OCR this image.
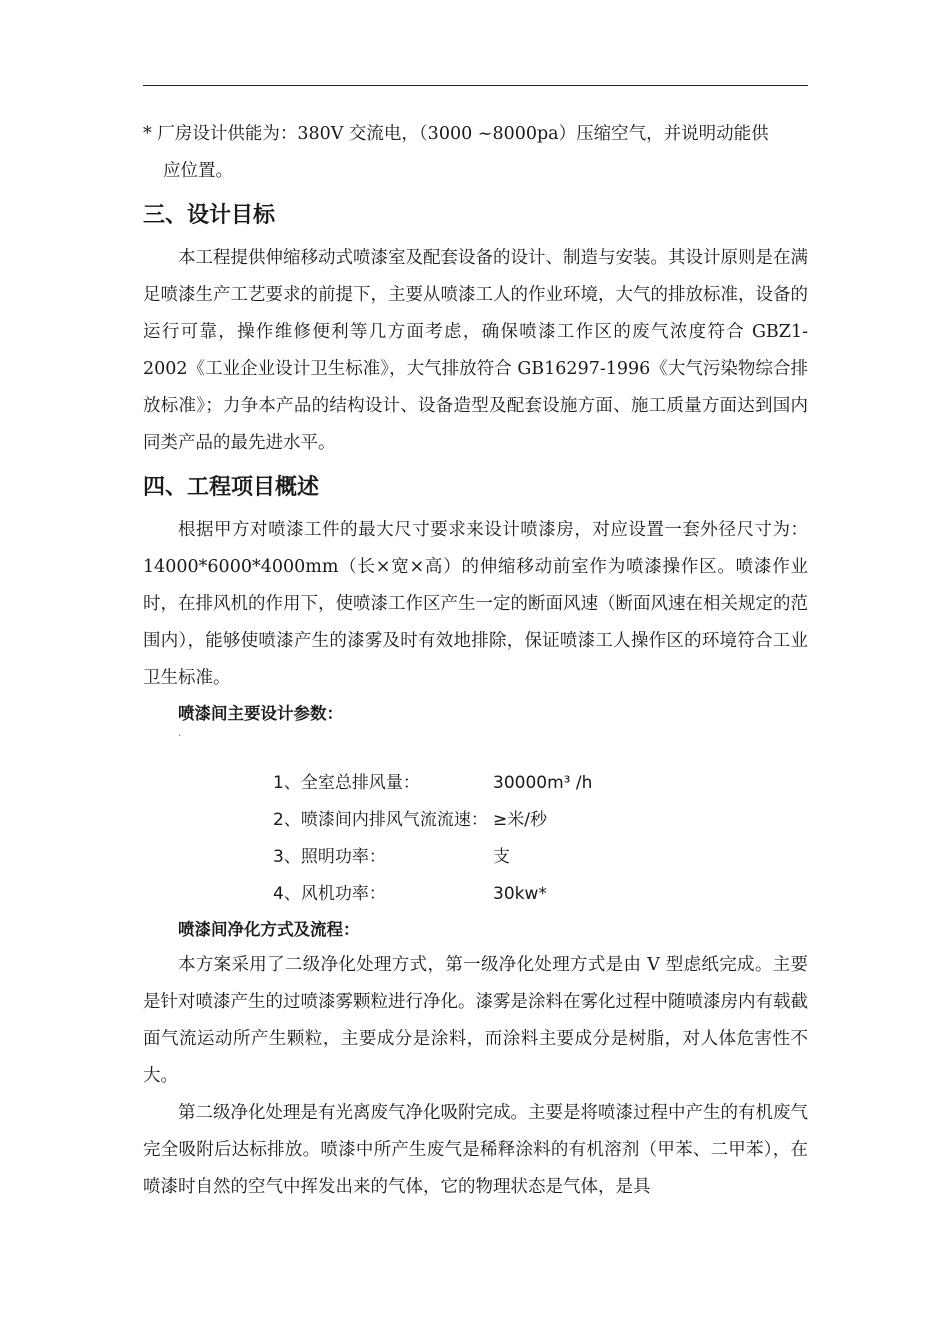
* 厂房设计供能为：380V 交流电，（3000 ~8000pa）压缩空气，并说明动能供
应位置。

三、设计目标

本工程提供伸缩移动式喷漆室及配套设备的设计、制造与安装。其设计原则是在满足喷漆生产工艺要求的前提下，主要从喷漆工人的作业环境，大气的排放标准，设备的运行可靠，操作维修便利等几方面考虑，确保喷漆工作区的废气浓度符合 GBZ1-2002《工业企业设计卫生标准》，大气排放符合 GB16297-1996《大气污染物综合排放标准》；力争本产品的结构设计、设备造型及配套设施方面、施工质量方面达到国内同类产品的最先进水平。

四、工程项目概述

根据甲方对喷漆工件的最大尺寸要求来设计喷漆房，对应设置一套外径尺寸为：14000*6000*4000mm（长×宽×高）的伸缩移动前室作为喷漆操作区。喷漆作业时，在排风机的作用下，使喷漆工作区产生一定的断面风速（断面风速在相关规定的范围内），能够使喷漆产生的漆雾及时有效地排除，保证喷漆工人操作区的环境符合工业卫生标准。

喷漆间主要设计参数：
·
1、全室总排风量：	30000m³ /h
2、喷漆间内排风气流流速： ≥米/秒
3、照明功率：	支
4、风机功率：	30kw*
喷漆间净化方式及流程：

本方案采用了二级净化处理方式，第一级净化处理方式是由 V 型虑纸完成。主要是针对喷漆产生的过喷漆雾颗粒进行净化。漆雾是涂料在雾化过程中随喷漆房内有载截面气流运动所产生颗粒，主要成分是涂料，而涂料主要成分是树脂，对人体危害性不大。

第二级净化处理是有光离废气净化吸附完成。主要是将喷漆过程中产生的有机废气完全吸附后达标排放。喷漆中所产生废气是稀释涂料的有机溶剂（甲苯、二甲苯），在喷漆时自然的空气中挥发出来的气体，它的物理状态是气体，是具
